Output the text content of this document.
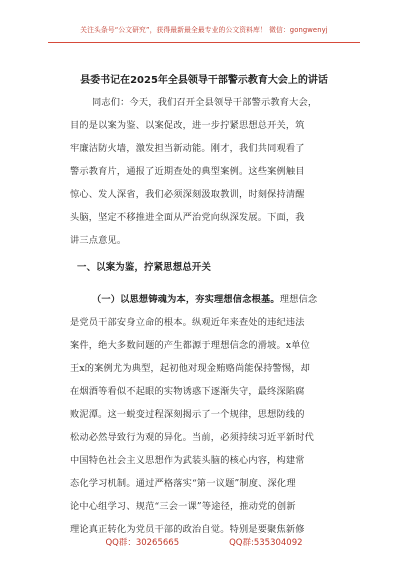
关注头条号“公文研究”，获得最新最全最专业的公文资料库！ 微信：gongwenyj
县委书记在2025年全县领导干部警示教育大会上的讲话
同志们：今天，我们召开全县领导干部警示教育大会，
目的是以案为鉴、以案促改，进一步拧紧思想总开关，筑
牢廉洁防火墙，激发担当新动能。刚才，我们共同观看了
警示教育片，通报了近期查处的典型案例。这些案例触目
惊心、发人深省，我们必须深刻汲取教训，时刻保持清醒
头脑，坚定不移推进全面从严治党向纵深发展。下面，我
讲三点意见。
一、以案为鉴，拧紧思想总开关
（一）以思想铸魂为本，夯实理想信念根基。理想信念
是党员干部安身立命的根本。纵观近年来查处的违纪违法
案件，绝大多数问题的产生都源于理想信念的滑坡。x单位
王x的案例尤为典型，起初他对现金贿赂尚能保持警惕，却
在烟酒等看似不起眼的实物诱惑下逐渐失守，最终深陷腐
败泥潭。这一蜕变过程深刻揭示了一个规律，思想防线的
松动必然导致行为观的异化。当前，必须持续习近平新时代
中国特色社会主义思想作为武装头脑的核心内容，构建常
态化学习机制。通过严格落实“第一议题”制度、深化理
论中心组学习、规范“三会一课”等途径，推动党的创新
理论真正转化为党员干部的政治自觉。特别是要聚焦新修
QQ群：30265665	QQ群:535304092
